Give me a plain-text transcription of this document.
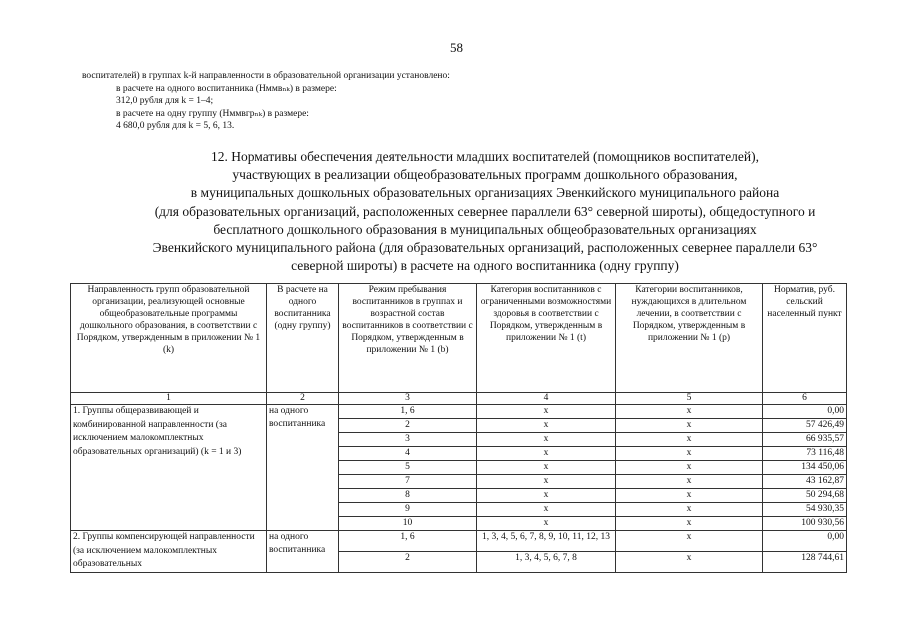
58
воспитателей) в группах k-й направленности в образовательной организации установлено:
в расчете на одного воспитанника (Нммвₙₖ) в размере:
312,0 рубля для k = 1–4;
в расчете на одну группу (Нммвгрₙₖ) в размере:
4 680,0 рубля для k = 5, 6, 13.
12. Нормативы обеспечения деятельности младших воспитателей (помощников воспитателей),
участвующих в реализации общеобразовательных программ дошкольного образования,
в муниципальных дошкольных образовательных организациях Эвенкийского муниципального района
(для образовательных организаций, расположенных севернее параллели 63° северной широты), общедоступного и
бесплатного дошкольного образования в муниципальных общеобразовательных организациях
Эвенкийского муниципального района (для образовательных организаций, расположенных севернее параллели 63°
северной широты) в расчете на одного воспитанника (одну группу)
Направленность групп образовательной организации, реализующей основные общеобразовательные программы дошкольного образования, в соответствии с Порядком, утвержденным в приложении № 1 (k)	В расчете на одного воспитанника (одну группу)	Режим пребывания воспитанников в группах и возрастной состав воспитанников в соответствии с Порядком, утвержденным в приложении № 1 (b)	Категория воспитанников с ограниченными возможностями здоровья в соответствии с Порядком, утвержденным в приложении № 1 (t)	Категории воспитанников, нуждающихся в длительном лечении, в соответствии с Порядком, утвержденным в приложении № 1 (p)	Норматив, руб. сельский населенный пункт
1	2	3	4	5	6
1. Группы общеразвивающей и комбинированной направленности (за исключением малокомплектных образовательных организаций) (k = 1 и 3)	на одного воспитанника	1, 6	x	x	0,00
		2	x	x	57 426,49
		3	x	x	66 935,57
		4	x	x	73 116,48
		5	x	x	134 450,06
		7	x	x	43 162,87
		8	x	x	50 294,68
		9	x	x	54 930,35
		10	x	x	100 930,56
2. Группы компенсирующей направленности (за исключением малокомплектных образовательных	на одного воспитанника	1, 6	1, 3, 4, 5, 6, 7, 8, 9, 10, 11, 12, 13	x	0,00
		2	1, 3, 4, 5, 6, 7, 8	x	128 744,61
